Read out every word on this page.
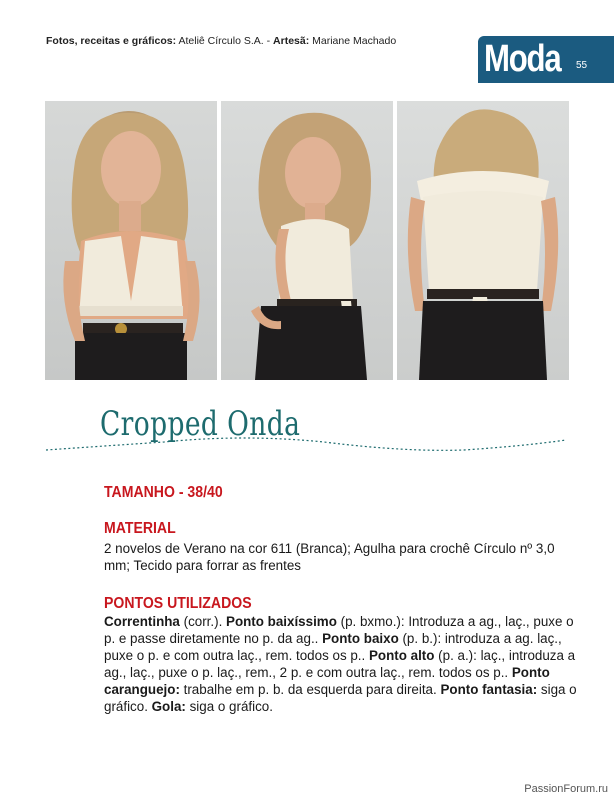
Fotos, receitas e gráficos: Ateliê Círculo S.A. - Artesã: Mariane Machado Moda 55
Cropped Onda
TAMANHO - 38/40
MATERIAL
2 novelos de Verano na cor 611 (Branca); Agulha para crochê Círculo nº 3,0 mm; Tecido para forrar as frentes
PONTOS UTILIZADOS
Correntinha (corr.). Ponto baixíssimo (p. bxmo.): Introduza a ag., laç., puxe o p. e passe diretamente no p. da ag.. Ponto baixo (p. b.): introduza a ag. laç., puxe o p. e com outra laç., rem. todos os p.. Ponto alto (p. a.): laç., introduza a ag., laç., puxe o p. laç., rem., 2 p. e com outra laç., rem. todos os p.. Ponto caranguejo: trabalhe em p. b. da esquerda para direita. Ponto fantasia: siga o gráfico. Gola: siga o gráfico.
PassionForum.ru
